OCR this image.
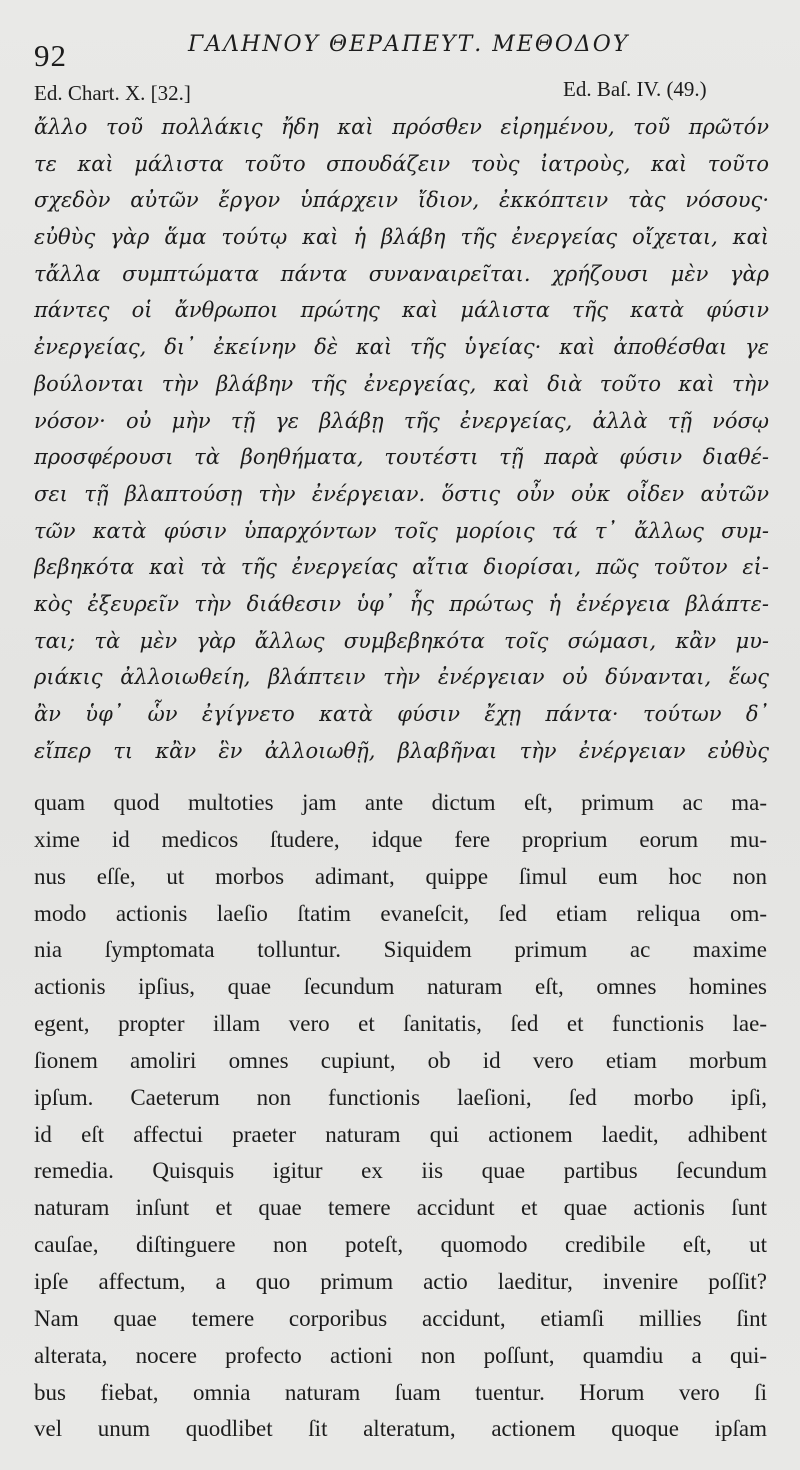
92	ΓΑΛΗΝΟΥ ΘΕΡΑΠΕΥΤ. ΜΕΘΟΔΟΥ
Ed. Chart. X. [32.]	Ed. Baſ. IV. (49.)
ἄλλο τοῦ πολλάκις ἤδη καὶ πρόσθεν εἰρημένου, τοῦ πρῶτόν
τε καὶ μάλιστα τοῦτο σπουδάζειν τοὺς ἰατροὺς, καὶ τοῦτο
σχεδὸν αὐτῶν ἔργον ὑπάρχειν ἴδιον, ἐκκόπτειν τὰς νόσους·
εὐθὺς γὰρ ἅμα τούτῳ καὶ ἡ βλάβη τῆς ἐνεργείας οἴχεται, καὶ
τἄλλα συμπτώματα πάντα συναναιρεῖται. χρήζουσι μὲν γὰρ
πάντες οἱ ἄνθρωποι πρώτης καὶ μάλιστα τῆς κατὰ φύσιν
ἐνεργείας, δι᾽ ἐκείνην δὲ καὶ τῆς ὑγείας· καὶ ἀποθέσθαι γε
βούλονται τὴν βλάβην τῆς ἐνεργείας, καὶ διὰ τοῦτο καὶ τὴν
νόσον· οὐ μὴν τῇ γε βλάβῃ τῆς ἐνεργείας, ἀλλὰ τῇ νόσῳ
προσφέρουσι τὰ βοηθήματα, τουτέστι τῇ παρὰ φύσιν διαθέ-
σει τῇ βλαπτούσῃ τὴν ἐνέργειαν. ὅστις οὖν οὐκ οἶδεν αὐτῶν
τῶν κατὰ φύσιν ὑπαρχόντων τοῖς μορίοις τά τ᾽ ἄλλως συμ-
βεβηκότα καὶ τὰ τῆς ἐνεργείας αἴτια διορίσαι, πῶς τοῦτον εἰ-
κὸς ἐξευρεῖν τὴν διάθεσιν ὑφ᾽ ἧς πρώτως ἡ ἐνέργεια βλάπτε-
ται; τὰ μὲν γὰρ ἄλλως συμβεβηκότα τοῖς σώμασι, κἂν μυ-
ριάκις ἀλλοιωθείη, βλάπτειν τὴν ἐνέργειαν οὐ δύνανται, ἕως
ἂν ὑφ᾽ ὧν ἐγίγνετο κατὰ φύσιν ἔχῃ πάντα· τούτων δ᾽
εἴπερ τι κἂν ἓν ἀλλοιωθῇ, βλαβῆναι τὴν ἐνέργειαν εὐθὺς
quam quod multoties jam ante dictum eſt, primum ac ma-
xime id medicos ſtudere, idque fere proprium eorum mu-
nus eſſe, ut morbos adimant, quippe ſimul eum hoc non
modo actionis laeſio ſtatim evaneſcit, ſed etiam reliqua om-
nia ſymptomata tolluntur. Siquidem primum ac maxime
actionis ipſius, quae ſecundum naturam eſt, omnes homines
egent, propter illam vero et ſanitatis, ſed et functionis lae-
ſionem amoliri omnes cupiunt, ob id vero etiam morbum
ipſum. Caeterum non functionis laeſioni, ſed morbo ipſi,
id eſt affectui praeter naturam qui actionem laedit, adhibent
remedia. Quisquis igitur ex iis quae partibus ſecundum
naturam inſunt et quae temere accidunt et quae actionis ſunt
cauſae, diſtinguere non poteſt, quomodo credibile eſt, ut
ipſe affectum, a quo primum actio laeditur, invenire poſſit?
Nam quae temere corporibus accidunt, etiamſi millies ſint
alterata, nocere profecto actioni non poſſunt, quamdiu a qui-
bus fiebat, omnia naturam ſuam tuentur. Horum vero ſi
vel unum quodlibet ſit alteratum, actionem quoque ipſam
